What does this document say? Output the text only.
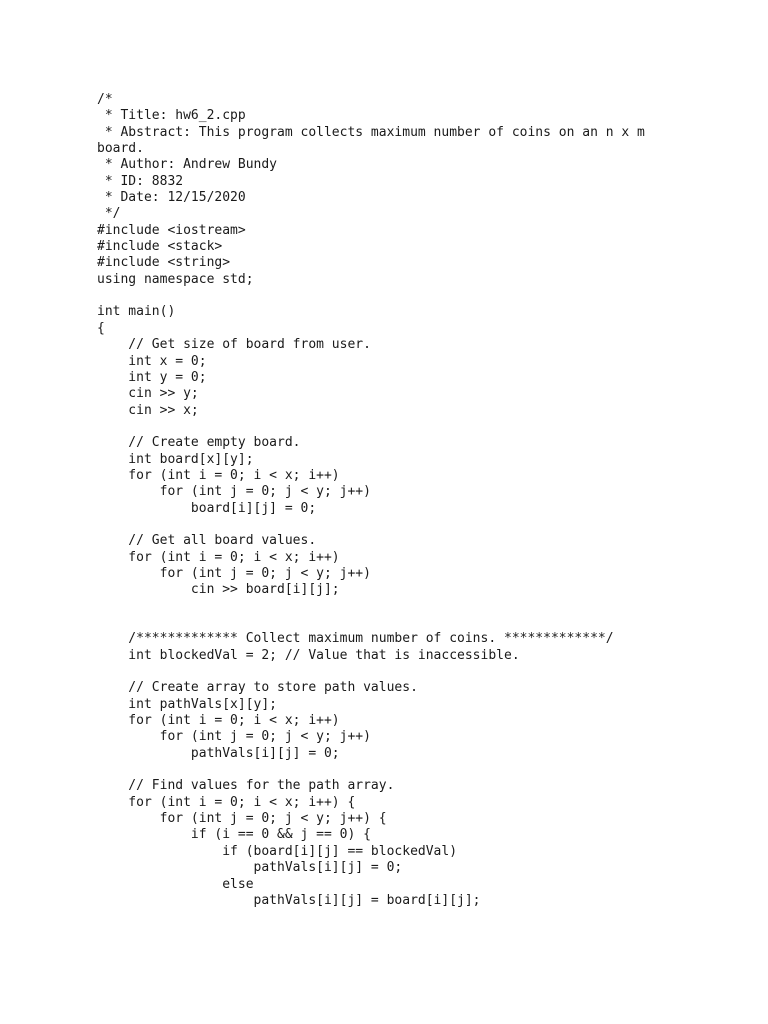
/*
* Title: hw6_2.cpp
* Abstract: This program collects maximum number of coins on an n x m
board.
* Author: Andrew Bundy
* ID: 8832
* Date: 12/15/2020
*/
#include <iostream>
#include <stack>
#include <string>
using namespace std;
int main()
{
// Get size of board from user.
int x = 0;
int y = 0;
cin >> y;
cin >> x;
// Create empty board.
int board[x][y];
for (int i = 0; i < x; i++)
for (int j = 0; j < y; j++)
board[i][j] = 0;
// Get all board values.
for (int i = 0; i < x; i++)
for (int j = 0; j < y; j++)
cin >> board[i][j];
/************* Collect maximum number of coins. *************/
int blockedVal = 2; // Value that is inaccessible.
// Create array to store path values.
int pathVals[x][y];
for (int i = 0; i < x; i++)
for (int j = 0; j < y; j++)
pathVals[i][j] = 0;
// Find values for the path array.
for (int i = 0; i < x; i++) {
for (int j = 0; j < y; j++) {
if (i == 0 && j == 0) {
if (board[i][j] == blockedVal)
pathVals[i][j] = 0;
else
pathVals[i][j] = board[i][j];
